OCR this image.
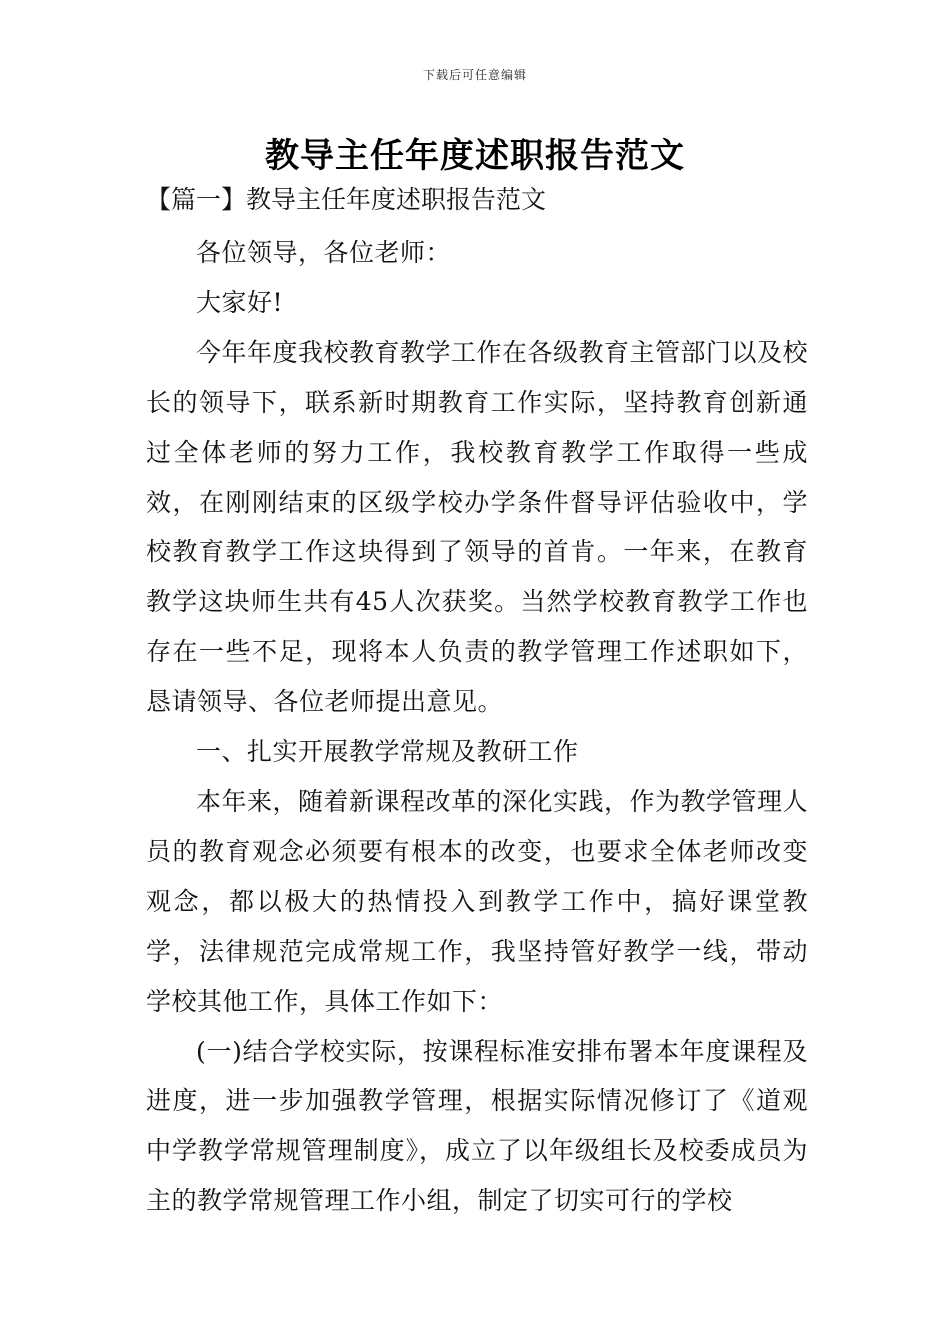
下载后可任意编辑
教导主任年度述职报告范文
【篇一】教导主任年度述职报告范文

各位领导，各位老师：

大家好!

今年年度我校教育教学工作在各级教育主管部门以及校长的领导下，联系新时期教育工作实际，坚持教育创新通过全体老师的努力工作，我校教育教学工作取得一些成效，在刚刚结束的区级学校办学条件督导评估验收中，学校教育教学工作这块得到了领导的首肯。一年来，在教育教学这块师生共有45人次获奖。当然学校教育教学工作也存在一些不足，现将本人负责的教学管理工作述职如下，恳请领导、各位老师提出意见。

一、扎实开展教学常规及教研工作

本年来，随着新课程改革的深化实践，作为教学管理人员的教育观念必须要有根本的改变，也要求全体老师改变观念，都以极大的热情投入到教学工作中，搞好课堂教学，法律规范完成常规工作，我坚持管好教学一线，带动学校其他工作，具体工作如下：

(一)结合学校实际，按课程标准安排布署本年度课程及进度，进一步加强教学管理，根据实际情况修订了《道观中学教学常规管理制度》，成立了以年级组长及校委成员为主的教学常规管理工作小组，制定了切实可行的学校
